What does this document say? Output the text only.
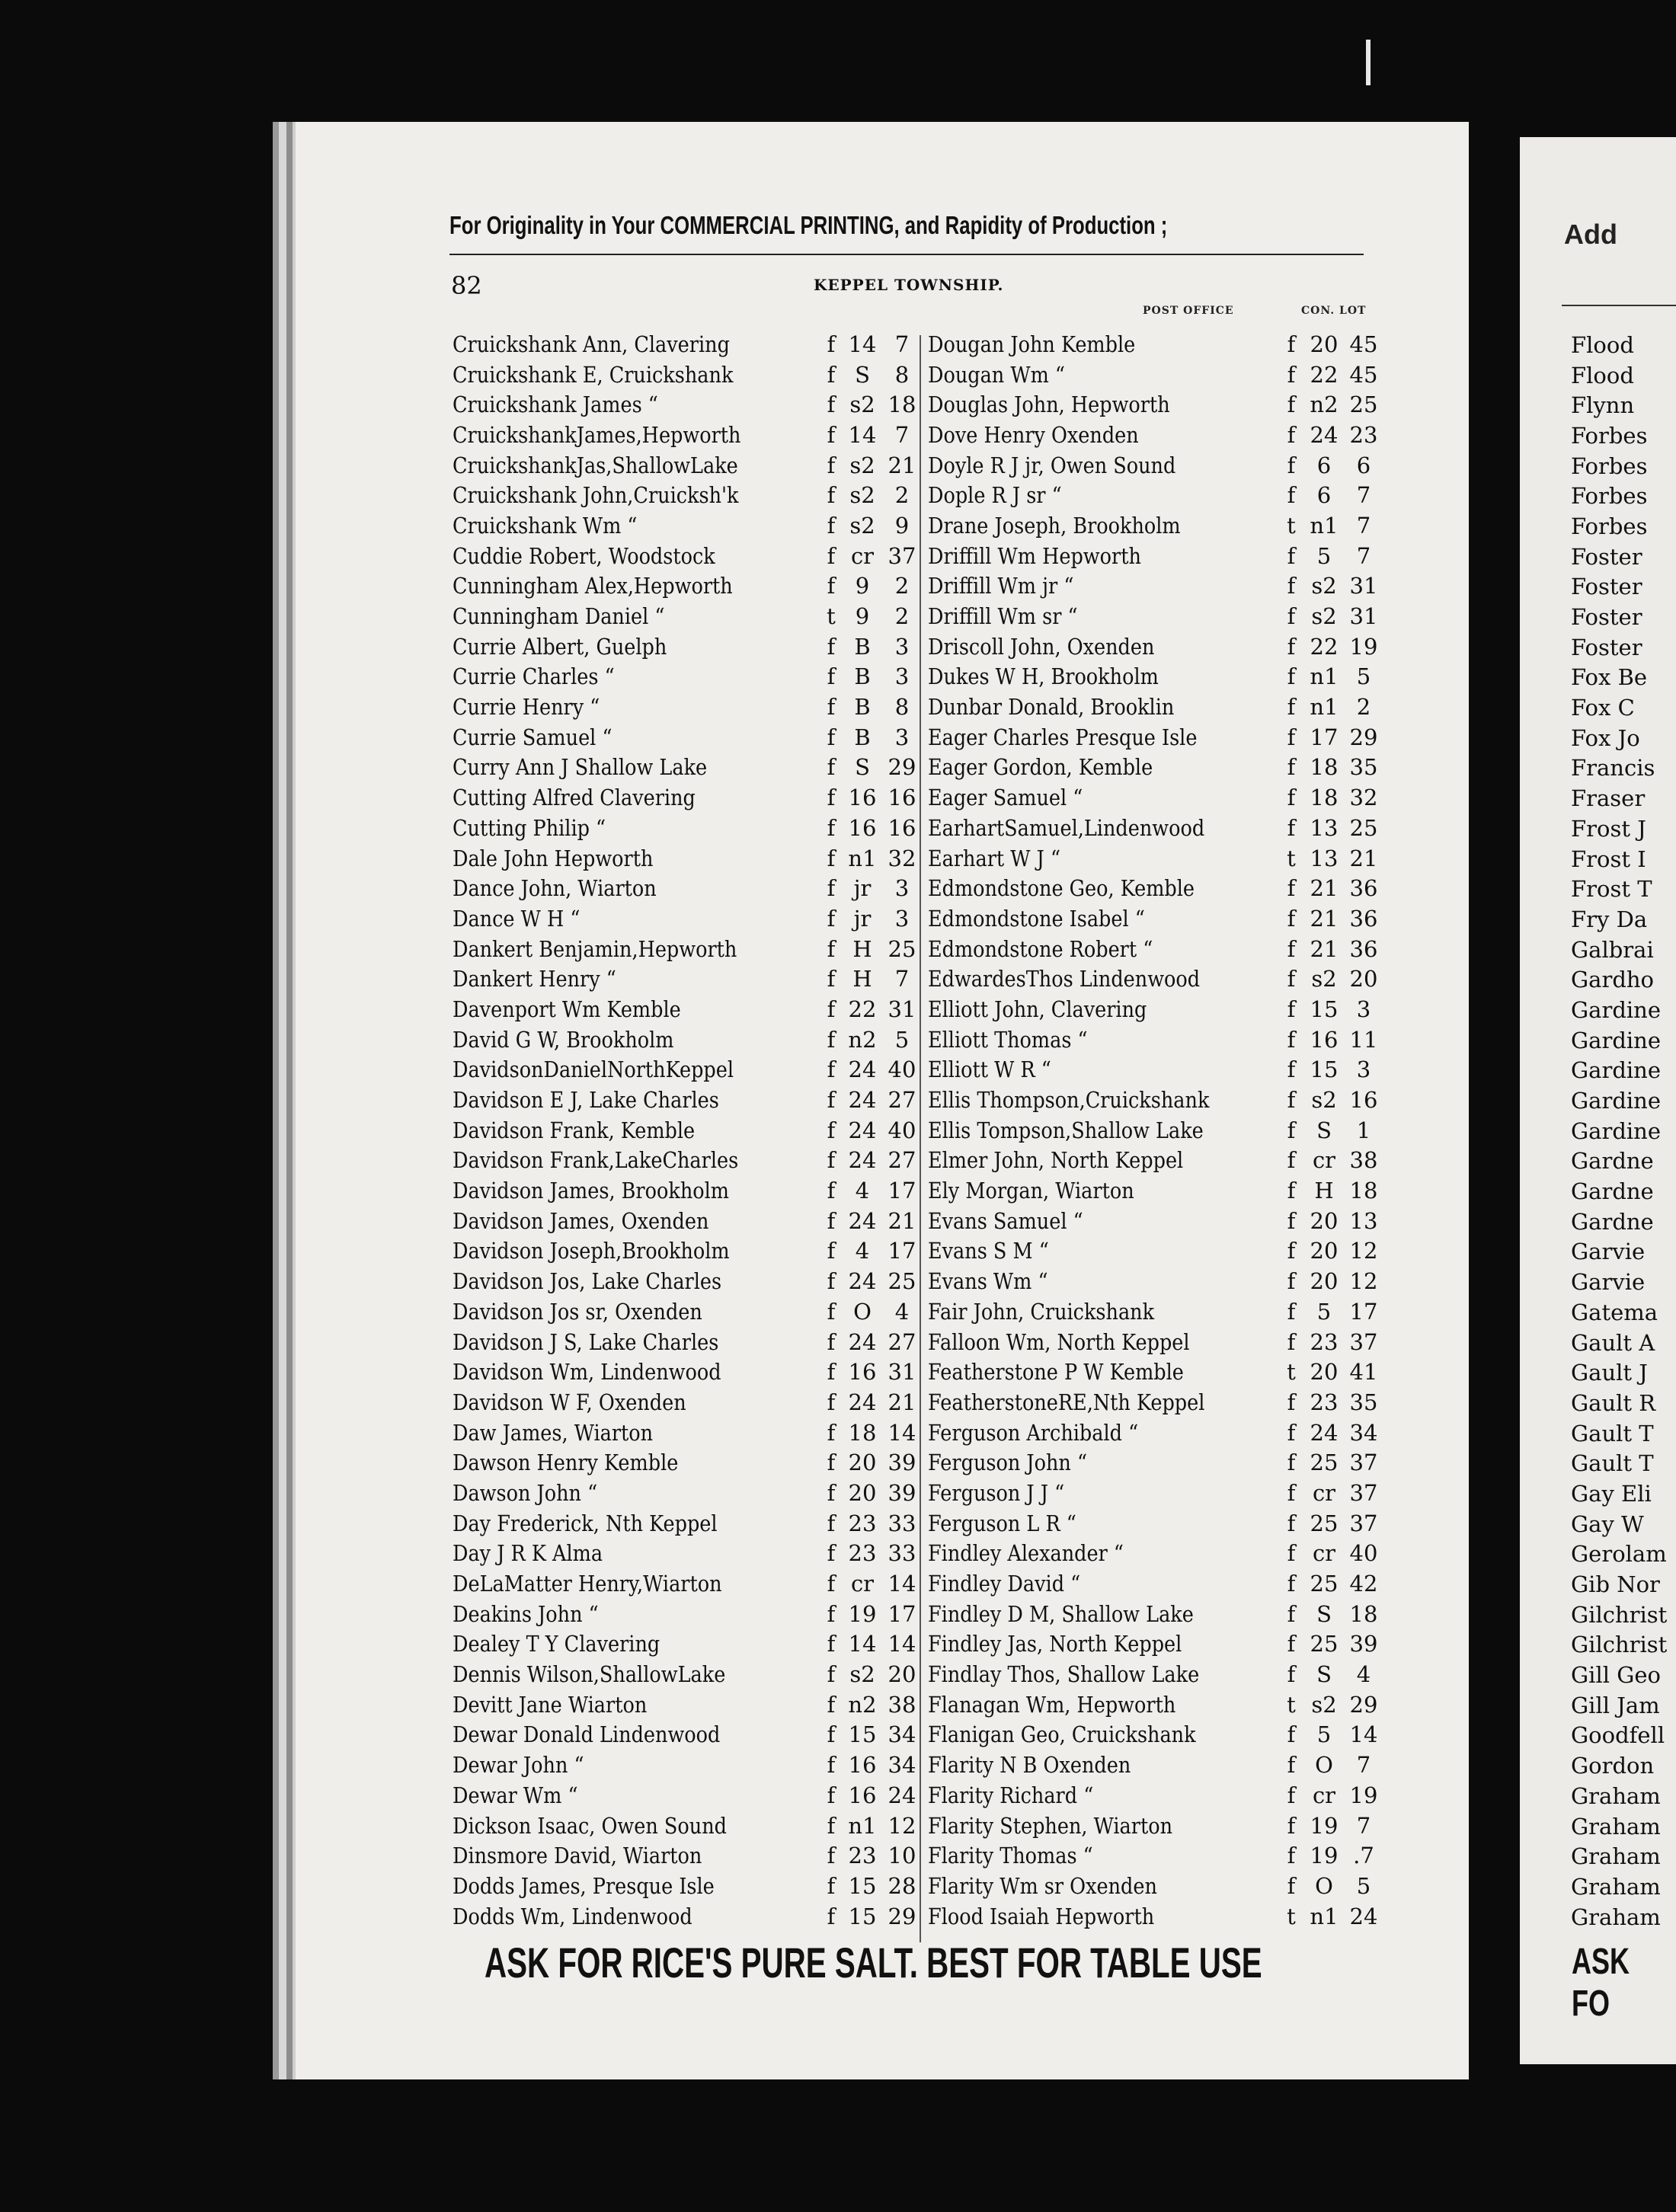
For Originality in Your COMMERCIAL PRINTING, and Rapidity of Production ;
82	KEPPEL TOWNSHIP.
POST OFFICE	CON. LOT
Cruickshank Ann, Clavering	f 14 7
Cruickshank E, Cruickshank	f S	8
Cruickshank James “	f s2 18
CruickshankJames,Hepworth	f 14 7
CruickshankJas,ShallowLake	f s2 21
Cruickshank John,Cruicksh'k	f s2 2
Cruickshank Wm “	f s2 9
Cuddie Robert, Woodstock	f cr 37
Cunningham Alex,Hepworth	f 9	2
Cunningham Daniel “	t 9	2
Currie Albert, Guelph	f B	3
Currie Charles “	f B	3
Currie Henry “	f B	8
Currie Samuel “	f B	3
Curry Ann J Shallow Lake	f S 29
Cutting Alfred Clavering	f 16 16
Cutting Philip “	f 16 16
Dale John Hepworth	f n1 32
Dance John, Wiarton	f jr	3
Dance W H “	f jr	3
Dankert Benjamin,Hepworth	f H 25
Dankert Henry “	f H	7
Davenport Wm Kemble	f 22 31
David G W, Brookholm	f n2 5
DavidsonDanielNorthKeppel	f 24 40
Davidson E J, Lake Charles	f 24 27
Davidson Frank, Kemble	f 24 40
Davidson Frank,LakeCharles	f 24 27
Davidson James, Brookholm	f 4 17
Davidson James, Oxenden	f 24 21
Davidson Joseph,Brookholm	f 4 17
Davidson Jos, Lake Charles	f 24 25
Davidson Jos sr, Oxenden	f O	4
Davidson J S, Lake Charles	f 24 27
Davidson Wm, Lindenwood	f 16 31
Davidson W F, Oxenden	f 24 21
Daw James, Wiarton	f 18 14
Dawson Henry Kemble	f 20 39
Dawson John “	f 20 39
Day Frederick, Nth Keppel	f 23 33
Day J R K Alma	f 23 33
DeLaMatter Henry,Wiarton	f cr 14
Deakins John “	f 19 17
Dealey T Y Clavering	f 14 14
Dennis Wilson,ShallowLake	f s2 20
Devitt Jane Wiarton	f n2 38
Dewar Donald Lindenwood	f 15 34
Dewar John “	f 16 34
Dewar Wm “	f 16 24
Dickson Isaac, Owen Sound	f n1 12
Dinsmore David, Wiarton	f 23 10
Dodds James, Presque Isle	f 15 28
Dodds Wm, Lindenwood	f 15 29
Dougan John Kemble	f 20 45
Dougan Wm “	f 22 45
Douglas John, Hepworth	f n2 25
Dove Henry Oxenden	f 24 23
Doyle R J jr, Owen Sound	f 6	6
Dople R J sr “	f 6	7
Drane Joseph, Brookholm	t n1 7
Driffill Wm Hepworth	f 5	7
Driffill Wm jr “	f s2 31
Driffill Wm sr “	f s2 31
Driscoll John, Oxenden	f 22 19
Dukes W H, Brookholm	f n1 5
Dunbar Donald, Brooklin	f n1 2
Eager Charles Presque Isle	f 17 29
Eager Gordon, Kemble	f 18 35
Eager Samuel “	f 18 32
EarhartSamuel,Lindenwood	f 13 25
Earhart W J “	t 13 21
Edmondstone Geo, Kemble	f 21 36
Edmondstone Isabel “	f 21 36
Edmondstone Robert “	f 21 36
EdwardesThos Lindenwood	f s2 20
Elliott John, Clavering	f 15 3
Elliott Thomas “	f 16 11
Elliott W R “	f 15 3
Ellis Thompson,Cruickshank	f s2 16
Ellis Tompson,Shallow Lake	f S	1
Elmer John, North Keppel	f cr 38
Ely Morgan, Wiarton	f H 18
Evans Samuel “	f 20 13
Evans S M “	f 20 12
Evans Wm “	f 20 12
Fair John, Cruickshank	f 5 17
Falloon Wm, North Keppel	f 23 37
Featherstone P W Kemble	t 20 41
FeatherstoneRE,Nth Keppel	f 23 35
Ferguson Archibald “	f 24 34
Ferguson John “	f 25 37
Ferguson J J “	f cr 37
Ferguson L R “	f 25 37
Findley Alexander “	f cr 40
Findley David “	f 25 42
Findley D M, Shallow Lake	f S 18
Findley Jas, North Keppel	f 25 39
Findlay Thos, Shallow Lake	f S	4
Flanagan Wm, Hepworth	t s2 29
Flanigan Geo, Cruickshank	f 5 14
Flarity N B Oxenden	f O	7
Flarity Richard “	f cr 19
Flarity Stephen, Wiarton	f 19 7
Flarity Thomas “	f 19 .7
Flarity Wm sr Oxenden	f O	5
Flood Isaiah Hepworth	t n1 24
ASK FOR RICE'S PURE SALT. BEST FOR TABLE USE
Add
Flood
Flood
Flynn
Forbes
Forbes
Forbes
Forbes
Foster
Foster
Foster
Foster
Fox Be
Fox C
Fox Jo
Francis
Fraser
Frost J
Frost I
Frost T
Fry Da
Galbrai
Gardho
Gardine
Gardine
Gardine
Gardine
Gardine
Gardne
Gardne
Gardne
Garvie
Garvie
Gatema
Gault A
Gault J
Gault R
Gault T
Gault T
Gay Eli
Gay W
Gerolam
Gib Nor
Gilchrist
Gilchrist
Gill Geo
Gill Jam
Goodfell
Gordon
Graham
Graham
Graham
Graham
Graham
ASK FO
